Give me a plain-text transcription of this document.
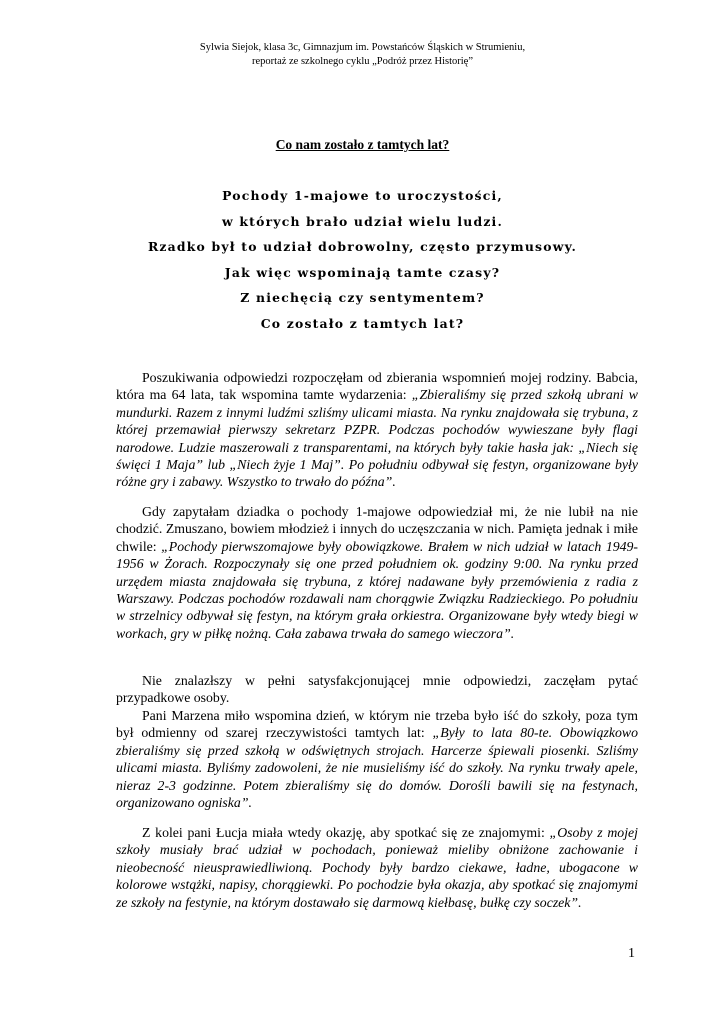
Sylwia Siejok, klasa 3c, Gimnazjum im. Powstańców Śląskich w Strumieniu,
reportaż ze szkolnego cyklu „Podróż przez Historię”
Co nam zostało z tamtych lat?
Pochody 1-majowe to uroczystości,
w których brało udział wielu ludzi.
Rzadko był to udział dobrowolny, często przymusowy.
Jak więc wspominają tamte czasy?
Z niechęcią czy sentymentem?
Co zostało z tamtych lat?

Poszukiwania odpowiedzi rozpoczęłam od zbierania wspomnień mojej rodziny. Babcia, która ma 64 lata, tak wspomina tamte wydarzenia: „Zbieraliśmy się przed szkołą ubrani w mundurki. Razem z innymi ludźmi szliśmy ulicami miasta. Na rynku znajdowała się trybuna, z której przemawiał pierwszy sekretarz PZPR. Podczas pochodów wywieszane były flagi narodowe. Ludzie maszerowali z transparentami, na których były takie hasła jak: „Niech się święci 1 Maja” lub „Niech żyje 1 Maj”. Po południu odbywał się festyn, organizowane były różne gry i zabawy. Wszystko to trwało do późna”.

Gdy zapytałam dziadka o pochody 1-majowe odpowiedział mi, że nie lubił na nie chodzić. Zmuszano, bowiem młodzież i innych do uczęszczania w nich. Pamięta jednak i miłe chwile: „Pochody pierwszomajowe były obowiązkowe. Brałem w nich udział w latach 1949-1956 w Żorach. Rozpoczynały się one przed południem ok. godziny 9:00. Na rynku przed urzędem miasta znajdowała się trybuna, z której nadawane były przemówienia z radia z Warszawy. Podczas pochodów rozdawali nam chorągwie Związku Radzieckiego. Po południu w strzelnicy odbywał się festyn, na którym grała orkiestra. Organizowane były wtedy biegi w workach, gry w piłkę nożną. Cała zabawa trwała do samego wieczora”.

Nie znalazłszy w pełni satysfakcjonującej mnie odpowiedzi, zaczęłam pytać przypadkowe osoby.

Pani Marzena miło wspomina dzień, w którym nie trzeba było iść do szkoły, poza tym był odmienny od szarej rzeczywistości tamtych lat: „Były to lata 80-te. Obowiązkowo zbieraliśmy się przed szkołą w odświętnych strojach. Harcerze śpiewali piosenki. Szliśmy ulicami miasta. Byliśmy zadowoleni, że nie musieliśmy iść do szkoły. Na rynku trwały apele, nieraz 2-3 godzinne. Potem zbieraliśmy się do domów. Dorośli bawili się na festynach, organizowano ogniska”.

Z kolei pani Łucja miała wtedy okazję, aby spotkać się ze znajomymi: „Osoby z mojej szkoły musiały brać udział w pochodach, ponieważ mieliby obniżone zachowanie i nieobecność nieusprawiedliwioną. Pochody były bardzo ciekawe, ładne, ubogacone w kolorowe wstążki, napisy, chorągiewki. Po pochodzie była okazja, aby spotkać się znajomymi ze szkoły na festynie, na którym dostawało się darmową kiełbasę, bułkę czy soczek”.

1
